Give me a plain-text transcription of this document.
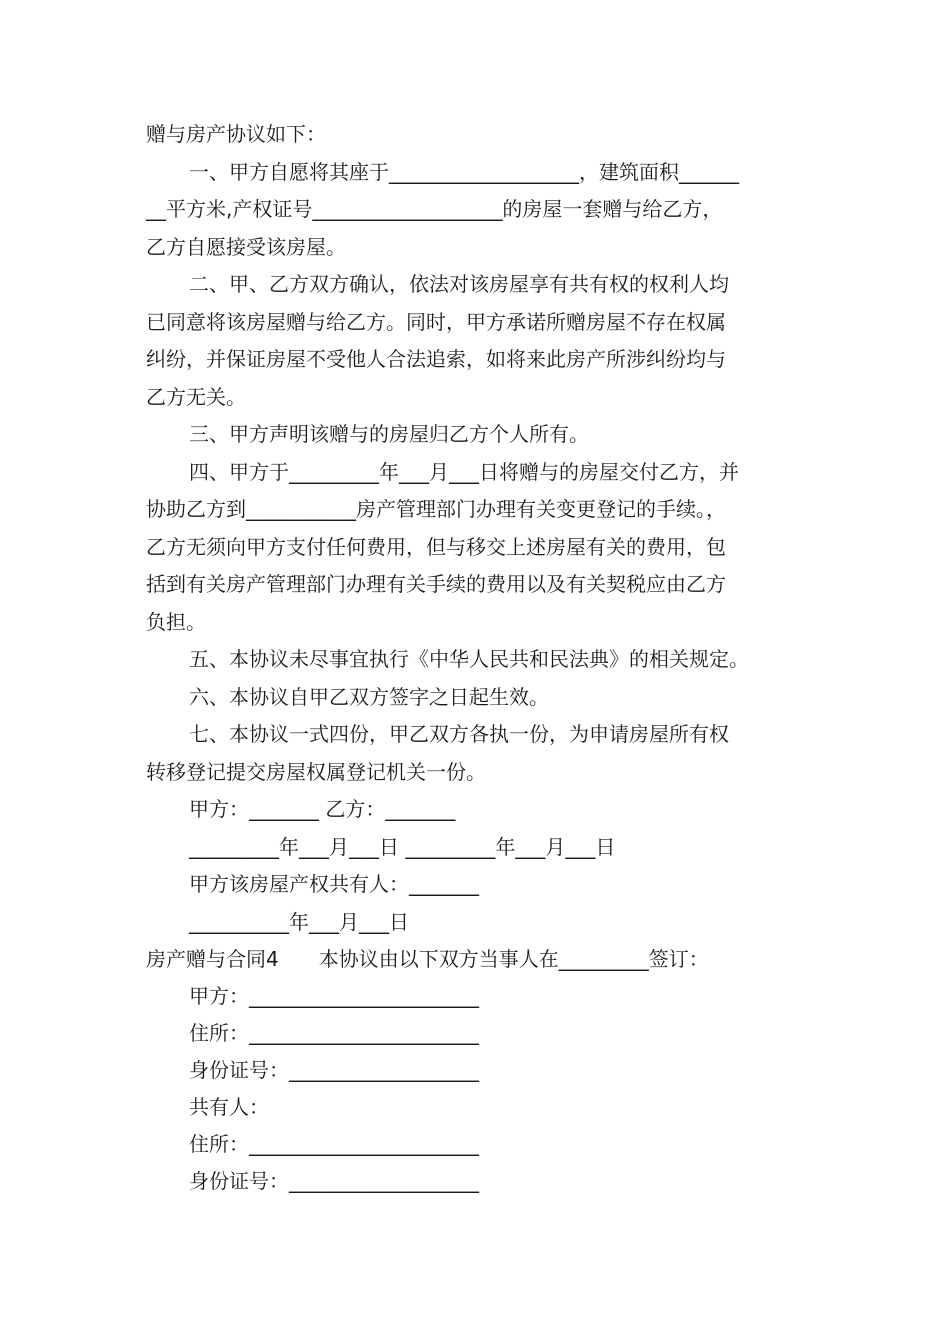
赠与房产协议如下：
一、甲方自愿将其座于___________________，建筑面积______
__平方米,产权证号___________________的房屋一套赠与给乙方，
乙方自愿接受该房屋。
二、甲、乙方双方确认，依法对该房屋享有共有权的权利人均
已同意将该房屋赠与给乙方。同时，甲方承诺所赠房屋不存在权属
纠纷，并保证房屋不受他人合法追索，如将来此房产所涉纠纷均与
乙方无关。
三、甲方声明该赠与的房屋归乙方个人所有。
四、甲方于_________年___月___日将赠与的房屋交付乙方，并
协助乙方到___________房产管理部门办理有关变更登记的手续。，
乙方无须向甲方支付任何费用，但与移交上述房屋有关的费用，包
括到有关房产管理部门办理有关手续的费用以及有关契税应由乙方
负担。
五、本协议未尽事宜执行《中华人民共和民法典》的相关规定。
六、本协议自甲乙双方签字之日起生效。
七、本协议一式四份，甲乙双方各执一份，为申请房屋所有权
转移登记提交房屋权属登记机关一份。
甲方：_______ 乙方：_______
_________年___月___日 _________年___月___日
甲方该房屋产权共有人：_______
__________年___月___日
房产赠与合同4　　本协议由以下双方当事人在_________签订：
甲方：_______________________
住所：_______________________
身份证号：___________________
共有人：
住所：_______________________
身份证号：___________________
